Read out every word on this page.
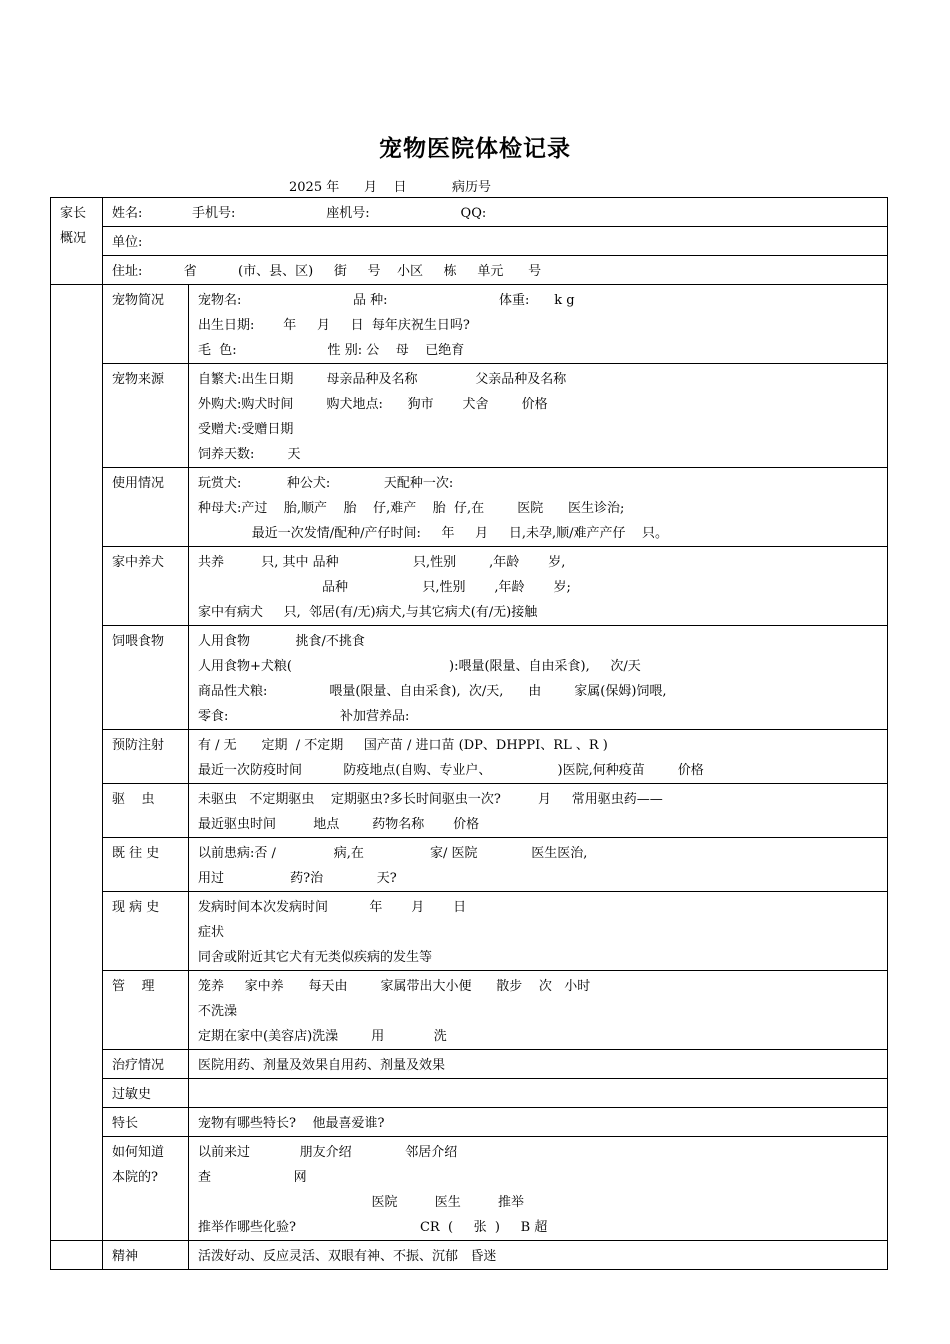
宠物医院体检记录
2025 年      月    日           病历号
家长
概况	姓名:            手机号:                      座机号:                      QQ:	

	单位:	

	住址:          省          (市、县、区)     街     号    小区     栋     单元      号	

	宠物简况	宠物名:                           品 种:                           体重:      k g
出生日期:       年     月     日  每年庆祝生日吗?
毛  色:                      性 别: 公    母    已绝育

	宠物来源	自繁犬:出生日期        母亲品种及名称              父亲品种及名称
外购犬:购犬时间        购犬地点:      狗市       犬舍        价格
受赠犬:受赠日期
饲养天数:        天

	使用情况	玩赏犬:           种公犬:             天配种一次:
种母犬:产过    胎,顺产    胎    仔,难产    胎  仔,在        医院      医生诊治;
最近一次发情/配种/产仔时间:     年     月     日,未孕,顺/难产产仔    只。

	家中养犬	共养         只, 其中 品种                  只,性别        ,年龄       岁,
品种                  只,性别       ,年龄       岁;
家中有病犬     只,  邻居(有/无)病犬,与其它病犬(有/无)接触

	饲喂食物	人用食物           挑食/不挑食
人用食物+犬粮(                                      ):喂量(限量、自由采食),     次/天
商品性犬粮:               喂量(限量、自由采食),  次/天,      由        家属(保姆)饲喂,
零食:                           补加营养品:

	预防注射	有 / 无      定期  / 不定期     国产苗 / 进口苗 (DP、DHPPI、RL 、R )
最近一次防疫时间          防疫地点(自购、专业户、                )医院,何种疫苗        价格

	驱    虫	未驱虫   不定期驱虫    定期驱虫?多长时间驱虫一次?         月     常用驱虫药——
最近驱虫时间         地点        药物名称       价格

	既 往 史	以前患病:否 /              病,在                家/ 医院             医生医治,
用过                药?治             天?

	现 病 史	发病时间本次发病时间          年       月       日
症状
同舍或附近其它犬有无类似疾病的发生等

	管    理	笼养     家中养      每天由        家属带出大小便      散步    次   小时
不洗澡
定期在家中(美容店)洗澡        用            洗

	治疗情况	医院用药、剂量及效果自用药、剂量及效果

	过敏史	

	特长	宠物有哪些特长?    他最喜爱谁?

	如何知道
本院的?	以前来过            朋友介绍             邻居介绍
查                    网
医院         医生         推举
推举作哪些化验?                              CR  (     张  )     B 超

	精神	活泼好动、反应灵活、双眼有神、不振、沉郁   昏迷
